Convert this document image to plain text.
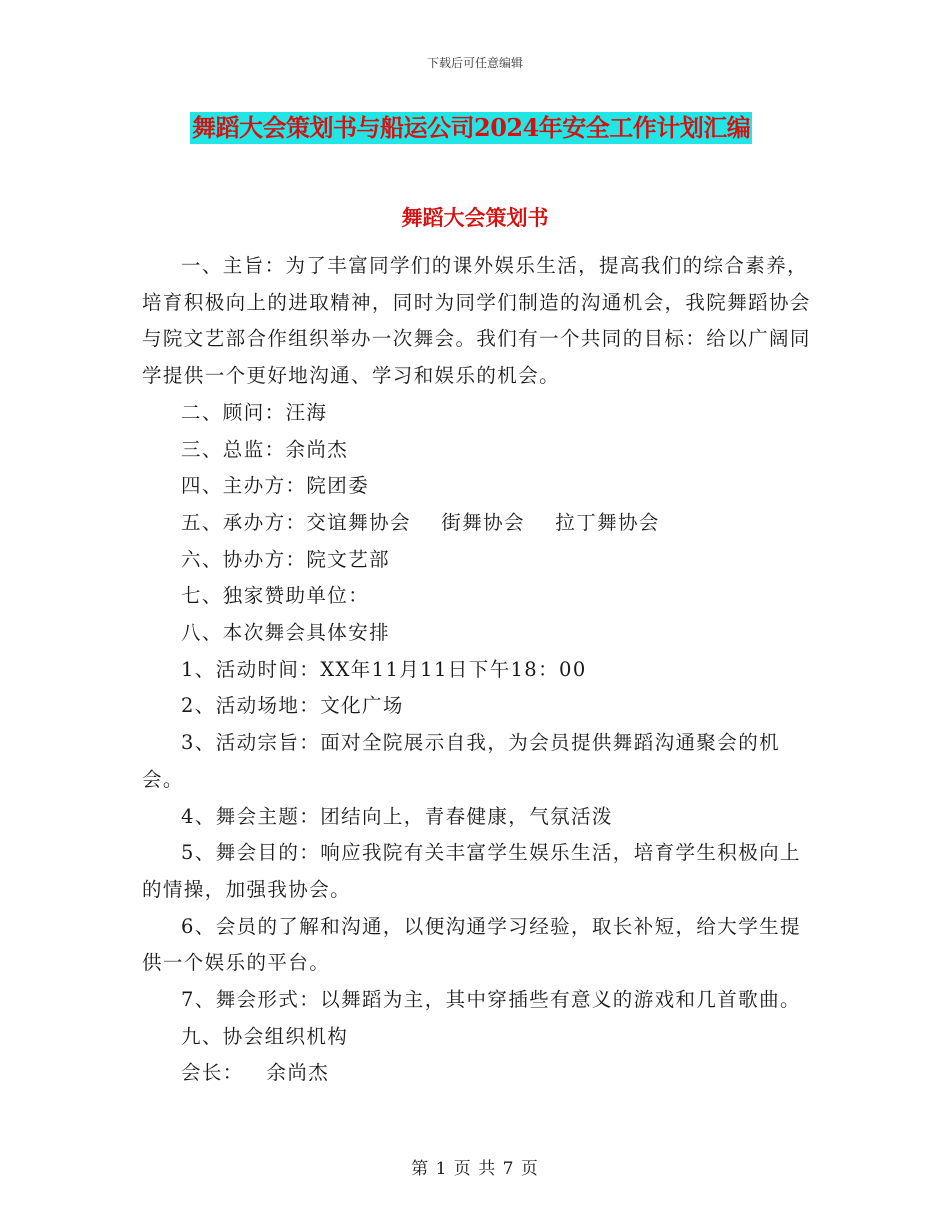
下载后可任意编辑
舞蹈大会策划书与船运公司2024年安全工作计划汇编
舞蹈大会策划书

一、主旨：为了丰富同学们的课外娱乐生活，提高我们的综合素养，培育积极向上的进取精神，同时为同学们制造的沟通机会，我院舞蹈协会与院文艺部合作组织举办一次舞会。我们有一个共同的目标：给以广阔同学提供一个更好地沟通、学习和娱乐的机会。

二、顾问：汪海

三、总监：余尚杰

四、主办方：院团委

五、承办方：交谊舞协会    街舞协会    拉丁舞协会

六、协办方：院文艺部

七、独家赞助单位：

八、本次舞会具体安排

1、活动时间：XX年11月11日下午18：00

2、活动场地：文化广场

3、活动宗旨：面对全院展示自我，为会员提供舞蹈沟通聚会的机会。

4、舞会主题：团结向上，青春健康，气氛活泼

5、舞会目的：响应我院有关丰富学生娱乐生活，培育学生积极向上的情操，加强我协会。

6、会员的了解和沟通，以便沟通学习经验，取长补短，给大学生提供一个娱乐的平台。

7、舞会形式：以舞蹈为主，其中穿插些有意义的游戏和几首歌曲。

九、协会组织机构

会长：   余尚杰

第 1 页 共 7 页
